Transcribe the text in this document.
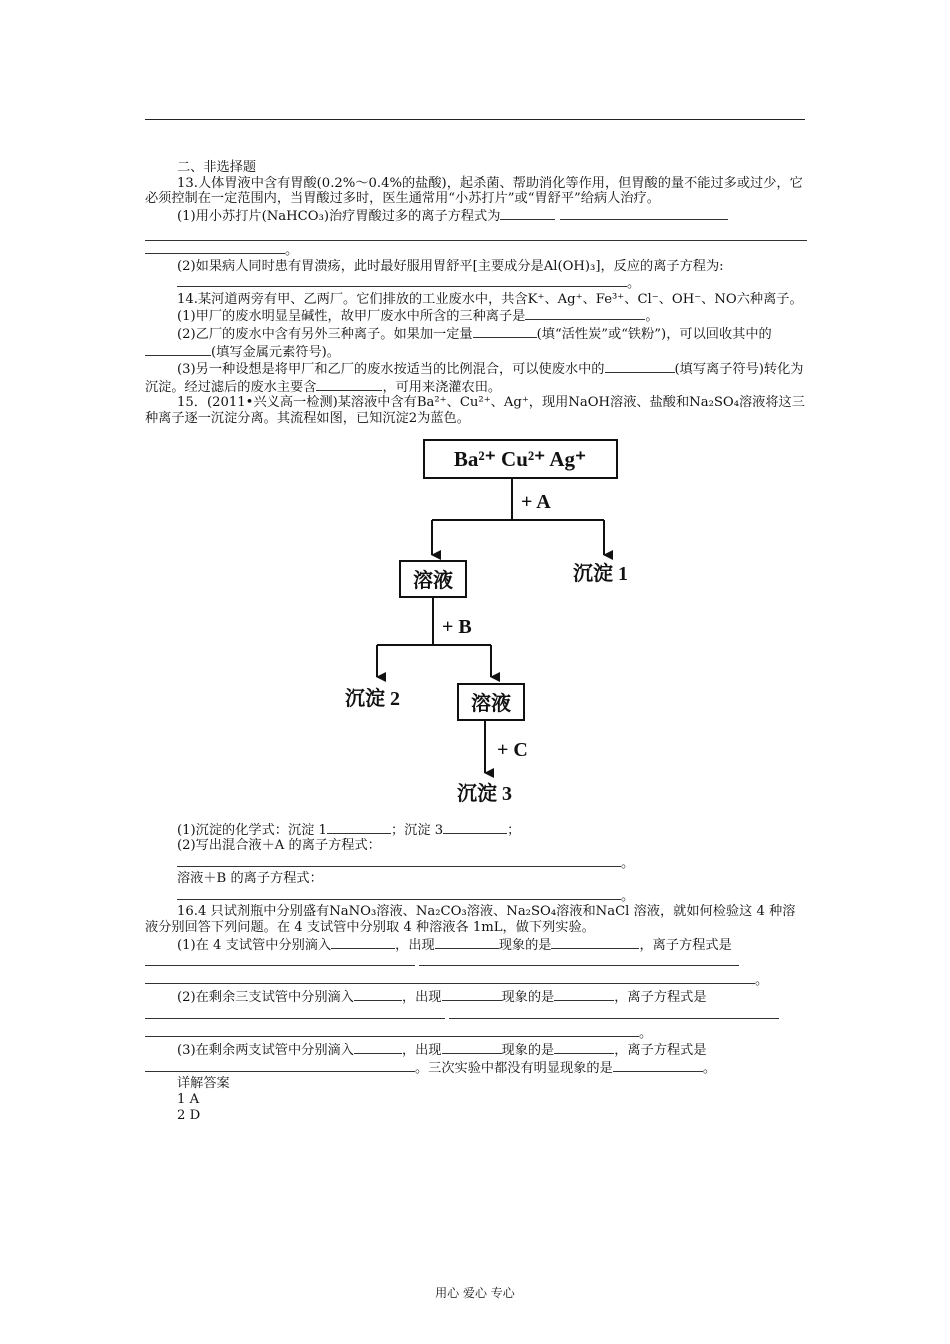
二、非选择题

13.人体胃液中含有胃酸(0.2%～0.4%的盐酸)，起杀菌、帮助消化等作用，但胃酸的量不能过多或过少，它必须控制在一定范围内，当胃酸过多时，医生通常用“小苏打片”或“胃舒平”给病人治疗。

(1)用小苏打片(NaHCO₃)治疗胃酸过多的离子方程式为

。

(2)如果病人同时患有胃溃疡，此时最好服用胃舒平[主要成分是Al(OH)₃]，反应的离子方程为:

。

14.某河道两旁有甲、乙两厂。它们排放的工业废水中，共含K⁺、Ag⁺、Fe³⁺、Cl⁻、OH⁻、NO六种离子。

(1)甲厂的废水明显呈碱性，故甲厂废水中所含的三种离子是	。

(2)乙厂的废水中含有另外三种离子。如果加一定量	(填“活性炭”或“铁粉”)，可以回收其中的(填写金属元素符号)。

(3)另一种设想是将甲厂和乙厂的废水按适当的比例混合，可以使废水中的	(填写离子符号)转化为沉淀。经过滤后的废水主要含	，可用来浇灌农田。

15．(2011•兴义高一检测)某溶液中含有Ba²⁺、Cu²⁺、Ag⁺，现用NaOH溶液、盐酸和Na₂SO₄溶液将这三种离子逐一沉淀分离。其流程如图，已知沉淀2为蓝色。

Ba²⁺ Cu²⁺ Ag⁺
+ A
溶液	沉淀 1
+ B
沉淀 2	溶液
+ C
沉淀 3

(1)沉淀的化学式：沉淀 1	；沉淀 3	；

(2)写出混合液＋A 的离子方程式：

。

溶液＋B 的离子方程式：

。

16.4 只试剂瓶中分别盛有NaNO₃溶液、Na₂CO₃溶液、Na₂SO₄溶液和NaCl 溶液，就如何检验这 4 种溶液分别回答下列问题。在 4 支试管中分别取 4 种溶液各 1mL，做下列实验。

(1)在 4 支试管中分别滴入	，出现	现象的是	，离子方程式是

。

(2)在剩余三支试管中分别滴入	，出现	现象的是	，离子方程式是

。

(3)在剩余两支试管中分别滴入	，出现	现象的是	，离子方程式是。三次实验中都没有明显现象的是	。

详解答案

1 A

2 D

用心 爱心 专心
